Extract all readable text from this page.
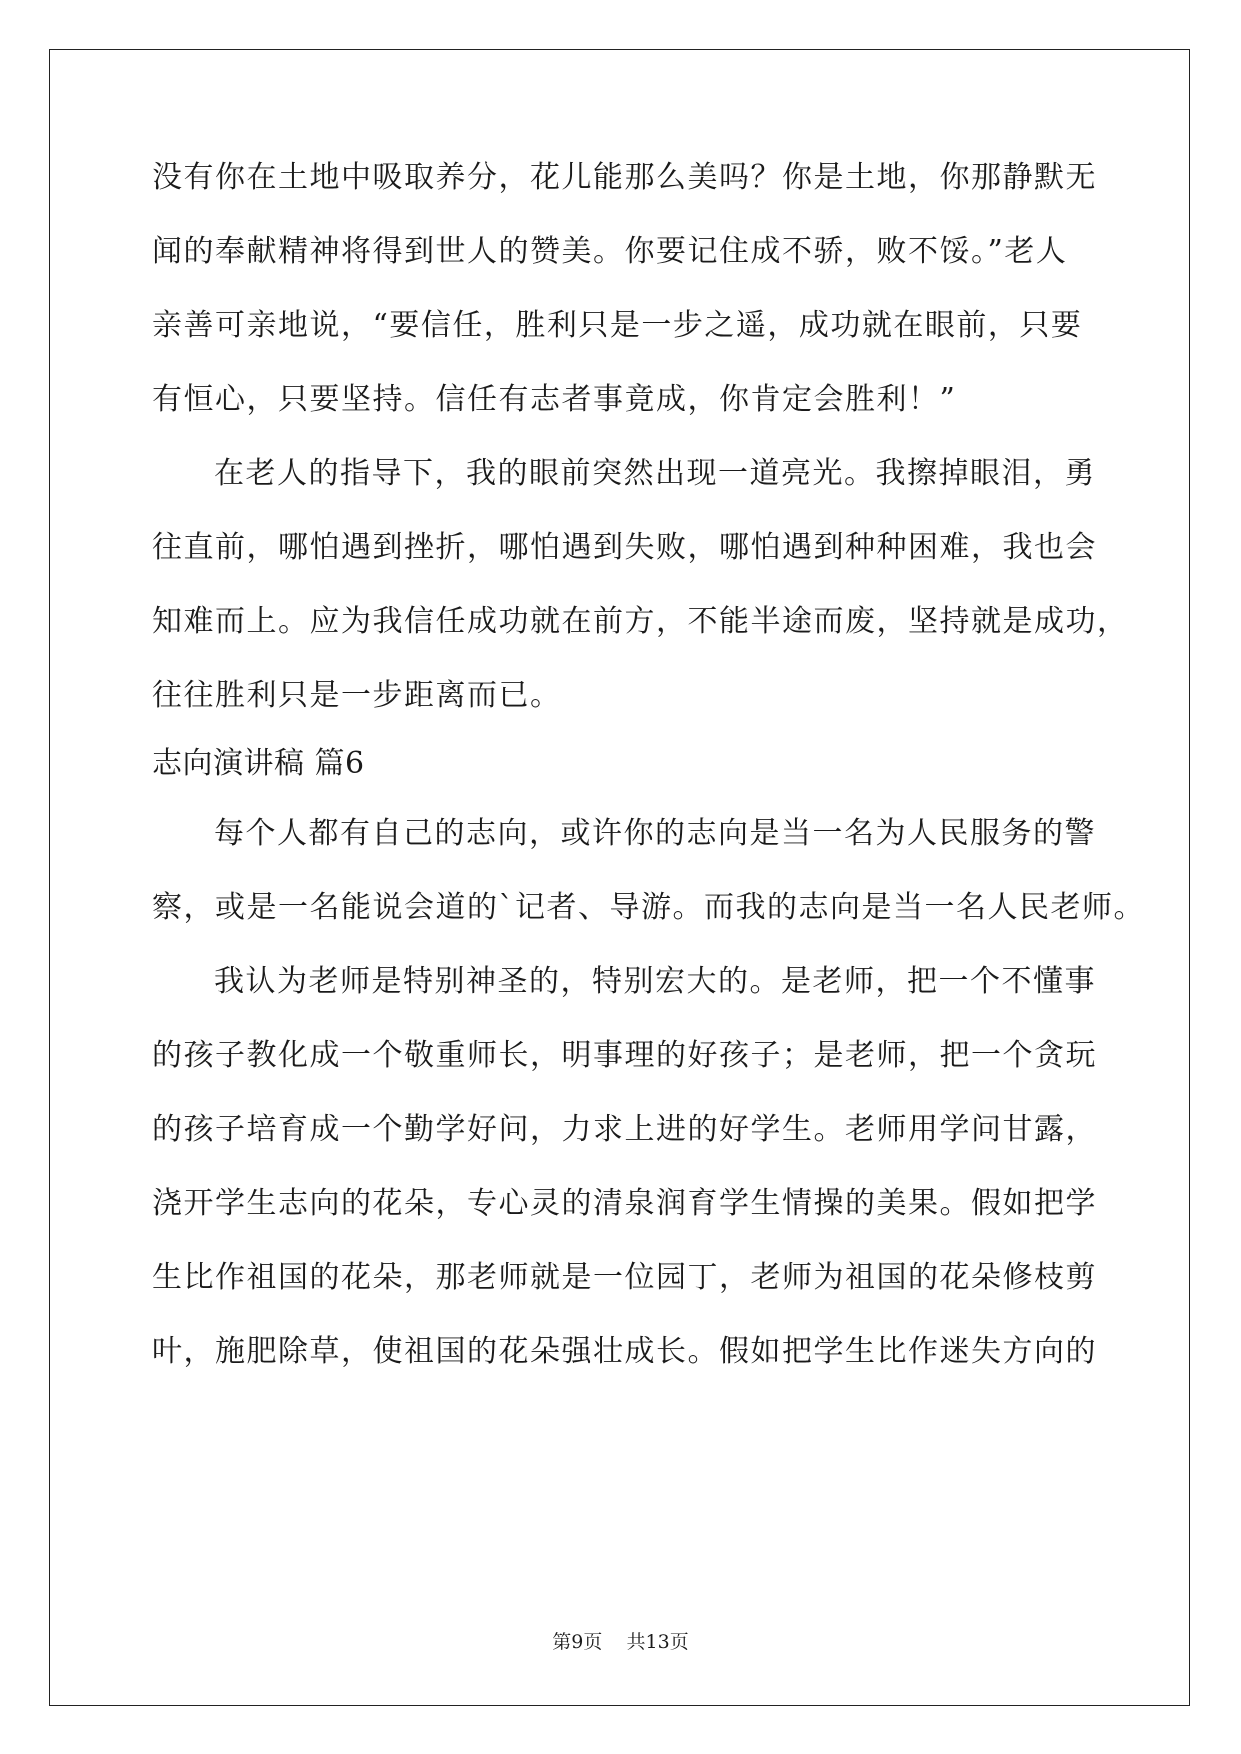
没有你在土地中吸取养分，花儿能那么美吗？你是土地，你那静默无
闻的奉献精神将得到世人的赞美。你要记住成不骄，败不馁。”老人
亲善可亲地说，“要信任，胜利只是一步之遥，成功就在眼前，只要
有恒心，只要坚持。信任有志者事竟成，你肯定会胜利！”
在老人的指导下，我的眼前突然出现一道亮光。我擦掉眼泪，勇
往直前，哪怕遇到挫折，哪怕遇到失败，哪怕遇到种种困难，我也会
知难而上。应为我信任成功就在前方，不能半途而废，坚持就是成功，
往往胜利只是一步距离而已。
志向演讲稿 篇6
每个人都有自己的志向，或许你的志向是当一名为人民服务的警
察，或是一名能说会道的`记者、导游。而我的志向是当一名人民老师。
我认为老师是特别神圣的，特别宏大的。是老师，把一个不懂事
的孩子教化成一个敬重师长，明事理的好孩子；是老师，把一个贪玩
的孩子培育成一个勤学好问，力求上进的好学生。老师用学问甘露，
浇开学生志向的花朵，专心灵的清泉润育学生情操的美果。假如把学
生比作祖国的花朵，那老师就是一位园丁，老师为祖国的花朵修枝剪
叶，施肥除草，使祖国的花朵强壮成长。假如把学生比作迷失方向的
第9页 共13页
